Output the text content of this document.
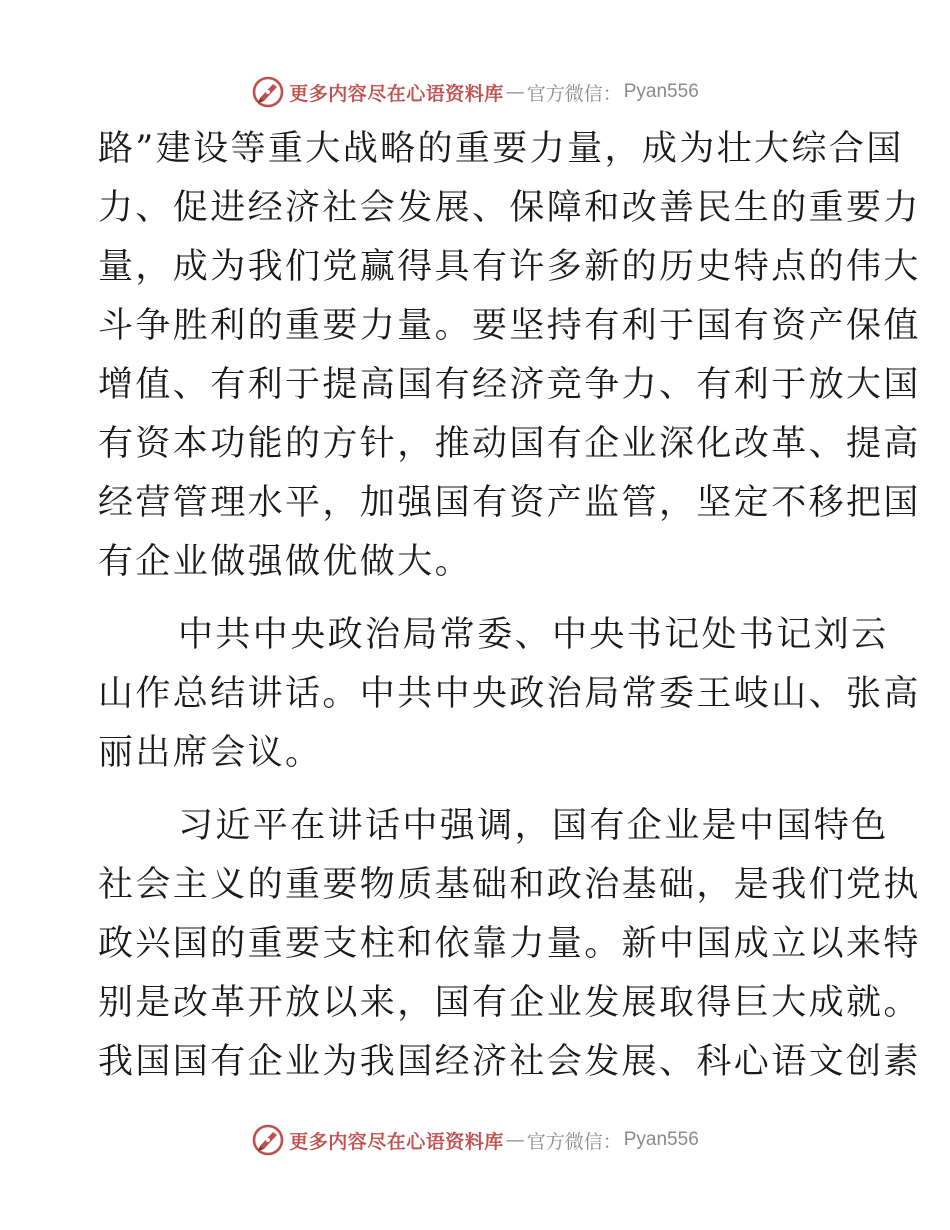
更多内容尽在心语资料库 — 官方微信： Pyan556

路”建设等重大战略的重要力量，成为壮大综合国
力、促进经济社会发展、保障和改善民生的重要力
量，成为我们党赢得具有许多新的历史特点的伟大
斗争胜利的重要力量。要坚持有利于国有资产保值
增值、有利于提高国有经济竞争力、有利于放大国
有资本功能的方针，推动国有企业深化改革、提高
经营管理水平，加强国有资产监管，坚定不移把国
有企业做强做优做大。

中共中央政治局常委、中央书记处书记刘云
山作总结讲话。中共中央政治局常委王岐山、张高
丽出席会议。

习近平在讲话中强调，国有企业是中国特色
社会主义的重要物质基础和政治基础，是我们党执
政兴国的重要支柱和依靠力量。新中国成立以来特
别是改革开放以来，国有企业发展取得巨大成就。
我国国有企业为我国经济社会发展、科心语文创素

更多内容尽在心语资料库 — 官方微信： Pyan556
